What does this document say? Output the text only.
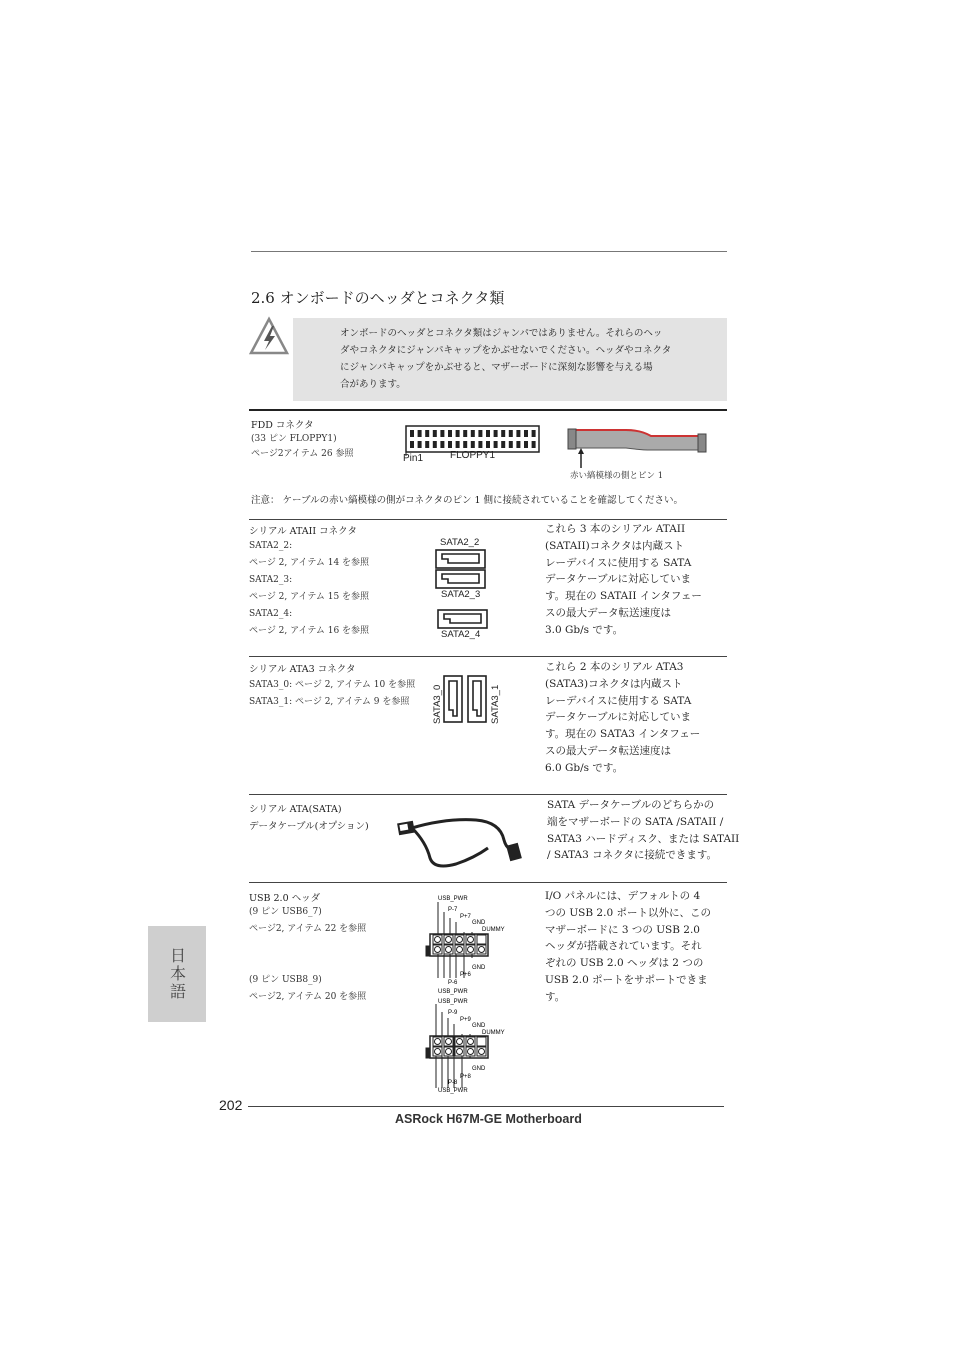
2.6 オンボードのヘッダとコネクタ類
オンボードのヘッダとコネクタ類はジャンパではありません。それらのヘッ
ダやコネクタにジャンパキャップをかぶせないでください。ヘッダやコネクタ
にジャンパキャップをかぶせると、マザーボードに深刻な影響を与える場
合があります。
FDD コネクタ
(33 ピン FLOPPY1)
ページ2アイテム 26 参照	Pin1	FLOPPY1
赤い縞模様の側とピン 1
注意： ケーブルの赤い縞模様の側がコネクタのピン 1 側に接続されていることを確認してください。
シリアル ATAII コネクタ
SATA2_2:
ページ 2, アイテム 14 を参照
SATA2_3:
ページ 2, アイテム 15 を参照
SATA2_4:
ページ 2, アイテム 16 を参照
SATA2_2
SATA2_3
SATA2_4
これら 3 本のシリアル ATAII
(SATAII)コネクタは内蔵スト
レーデバイスに使用する SATA
データケーブルに対応していま
す。現在の SATAII インタフェー
スの最大データ転送速度は
3.0 Gb/s です。
シリアル ATA3 コネクタ
SATA3_0: ページ 2, アイテム 10 を参照
SATA3_1: ページ 2, アイテム 9 を参照	SATA3_0	SATA3_1
これら 2 本のシリアル ATA3
(SATA3)コネクタは内蔵スト
レーデバイスに使用する SATA
データケーブルに対応していま
す。現在の SATA3 インタフェー
スの最大データ転送速度は
6.0 Gb/s です。
シリアル ATA(SATA)
データケーブル(オプション)
SATA データケーブルのどちらかの
端をマザーボードの SATA /SATAII /
SATA3 ハードディスク、または SATAII
/ SATA3 コネクタに接続できます。
USB 2.0 ヘッダ
(9 ピン USB6_7)
ページ2, アイテム 22 を参照
(9 ピン USB8_9)
ページ2, アイテム 20 を参照
USB_PWR
P-7
P+7
GND
DUMMY
GND
P+6
P-6
USB_PWR
USB_PWR
P-9
P+9
GND
DUMMY
GND
P+8
P-8
USB_PWR
I/O パネルには、デフォルトの 4
つの USB 2.0 ポート以外に、この
マザーボードに 3 つの USB 2.0
ヘッダが搭載されています。それ
ぞれの USB 2.0 ヘッダは 2 つの
USB 2.0 ポートをサポートできま
す。
日本語
202
ASRock H67M-GE Motherboard
